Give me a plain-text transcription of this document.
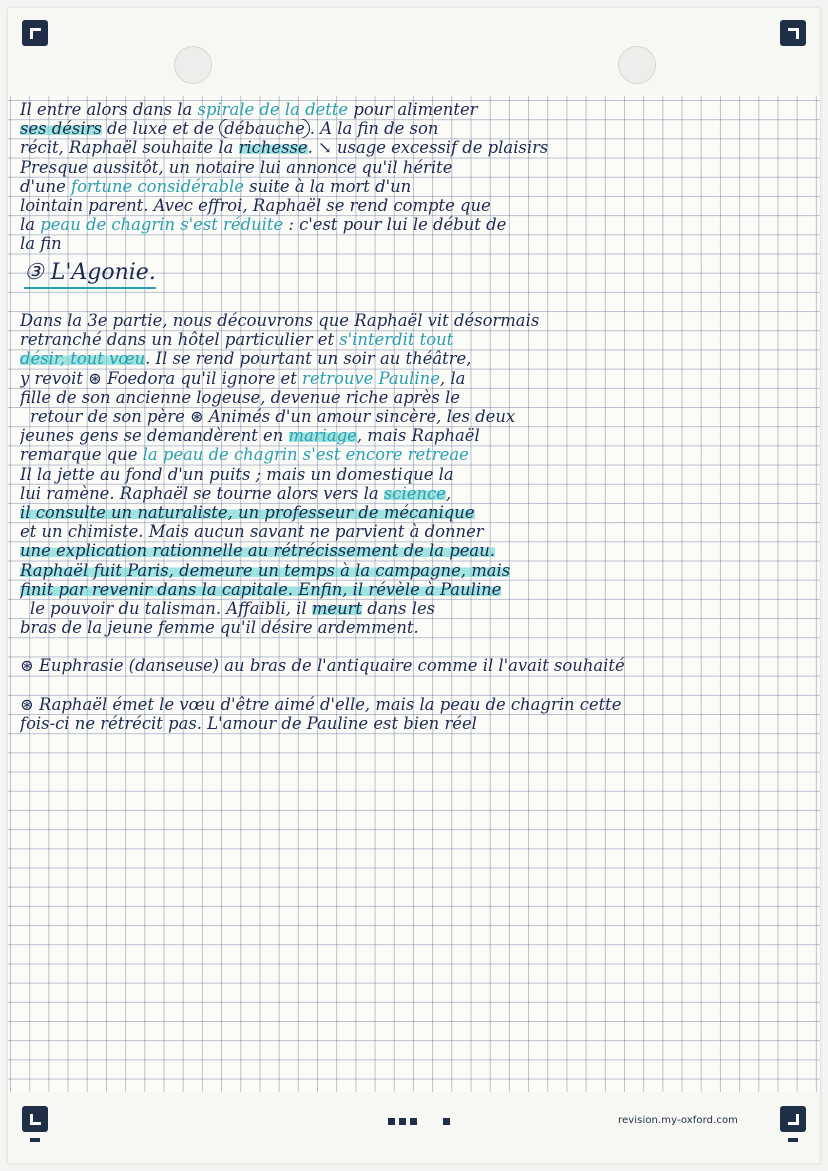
Il entre alors dans la spirale de la dette pour alimenter
ses désirs de luxe et de débauche . A la fin de son
récit, Raphaël souhaite la richesse. ↘ usage excessif de plaisirs
Presque aussitôt, un notaire lui annonce qu'il hérite
d'une fortune considérable suite à la mort d'un
lointain parent. Avec effroi, Raphaël se rend compte que
la peau de chagrin s'est réduite : c'est pour lui le début de
la fin
③ L'Agonie.
Dans la 3e partie, nous découvrons que Raphaël vit désormais
retranché dans un hôtel particulier et s'interdit tout
désir, tout vœu. Il se rend pourtant un soir au théâtre,
y revoit ⊛ Foedora qu'il ignore et retrouve Pauline, la
fille de son ancienne logeuse, devenue riche après le
retour de son père ⊛ Animés d'un amour sincère, les deux
jeunes gens se demandèrent en mariage, mais Raphaël
remarque que la peau de chagrin s'est encore retreae
Il la jette au fond d'un puits ; mais un domestique la
lui ramène. Raphaël se tourne alors vers la science,
il consulte un naturaliste, un professeur de mécanique
et un chimiste. Mais aucun savant ne parvient à donner
une explication rationnelle au rétrécissement de la peau.
Raphaël fuit Paris, demeure un temps à la campagne, mais
finit par revenir dans la capitale. Enfin, il révèle à Pauline
le pouvoir du talisman. Affaibli, il meurt dans les
bras de la jeune femme qu'il désire ardemment.
⊛ Euphrasie (danseuse) au bras de l'antiquaire comme il l'avait souhaité
⊛ Raphaël émet le vœu d'être aimé d'elle, mais la peau de chagrin cette
fois-ci ne rétrécit pas. L'amour de Pauline est bien réel
revision.my-oxford.com
